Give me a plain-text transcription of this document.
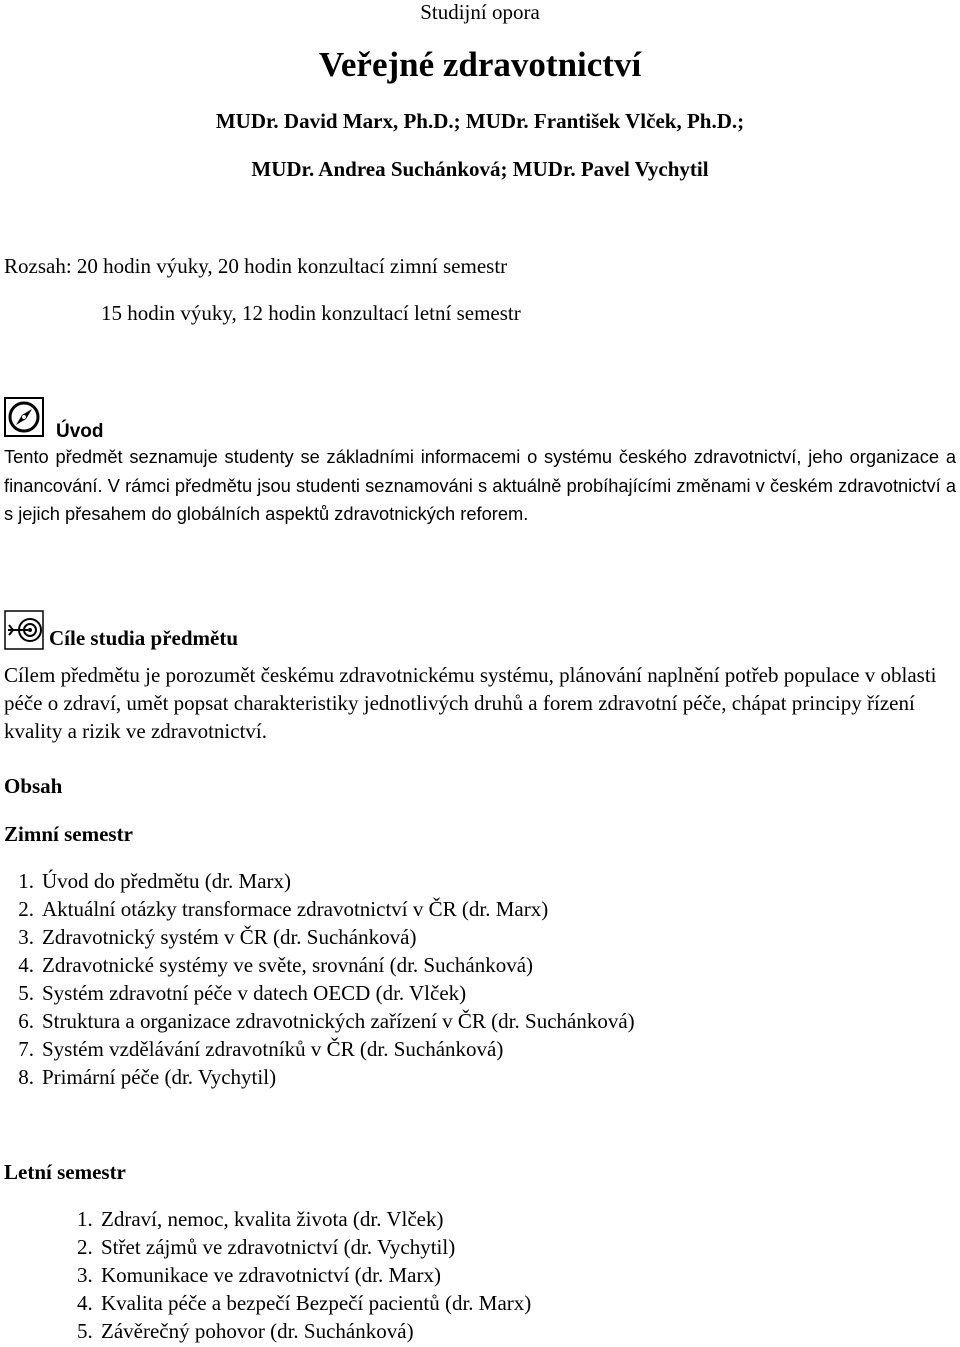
Studijní opora
Veřejné zdravotnictví
MUDr. David Marx, Ph.D.; MUDr. František Vlček, Ph.D.;
MUDr. Andrea Suchánková; MUDr. Pavel Vychytil
Rozsah: 20 hodin výuky, 20 hodin konzultací zimní semestr
15 hodin výuky, 12 hodin konzultací letní semestr
Úvod
Tento předmět seznamuje studenty se základními informacemi o systému českého zdravotnictví, jeho organizace a financování. V rámci předmětu jsou studenti seznamováni s aktuálně probíhajícími změnami v českém zdravotnictví a s jejich přesahem do globálních aspektů zdravotnických reforem.
Cíle studia předmětu
Cílem předmětu je porozumět českému zdravotnickému systému, plánování naplnění potřeb populace v oblasti péče o zdraví, umět popsat charakteristiky jednotlivých druhů a forem zdravotní péče, chápat principy řízení kvality a rizik ve zdravotnictví.
Obsah
Zimní semestr
1. Úvod do předmětu (dr. Marx)
2. Aktuální otázky transformace zdravotnictví v ČR (dr. Marx)
3. Zdravotnický systém v ČR (dr. Suchánková)
4. Zdravotnické systémy ve světe, srovnání (dr. Suchánková)
5. Systém zdravotní péče v datech OECD (dr. Vlček)
6. Struktura a organizace zdravotnických zařízení v ČR (dr. Suchánková)
7. Systém vzdělávání zdravotníků v ČR (dr. Suchánková)
8. Primární péče (dr. Vychytil)
Letní semestr
1. Zdraví, nemoc, kvalita života (dr. Vlček)
2. Střet zájmů ve zdravotnictví (dr. Vychytil)
3. Komunikace ve zdravotnictví (dr. Marx)
4. Kvalita péče a bezpečí Bezpečí pacientů (dr. Marx)
5. Závěrečný pohovor (dr. Suchánková)
